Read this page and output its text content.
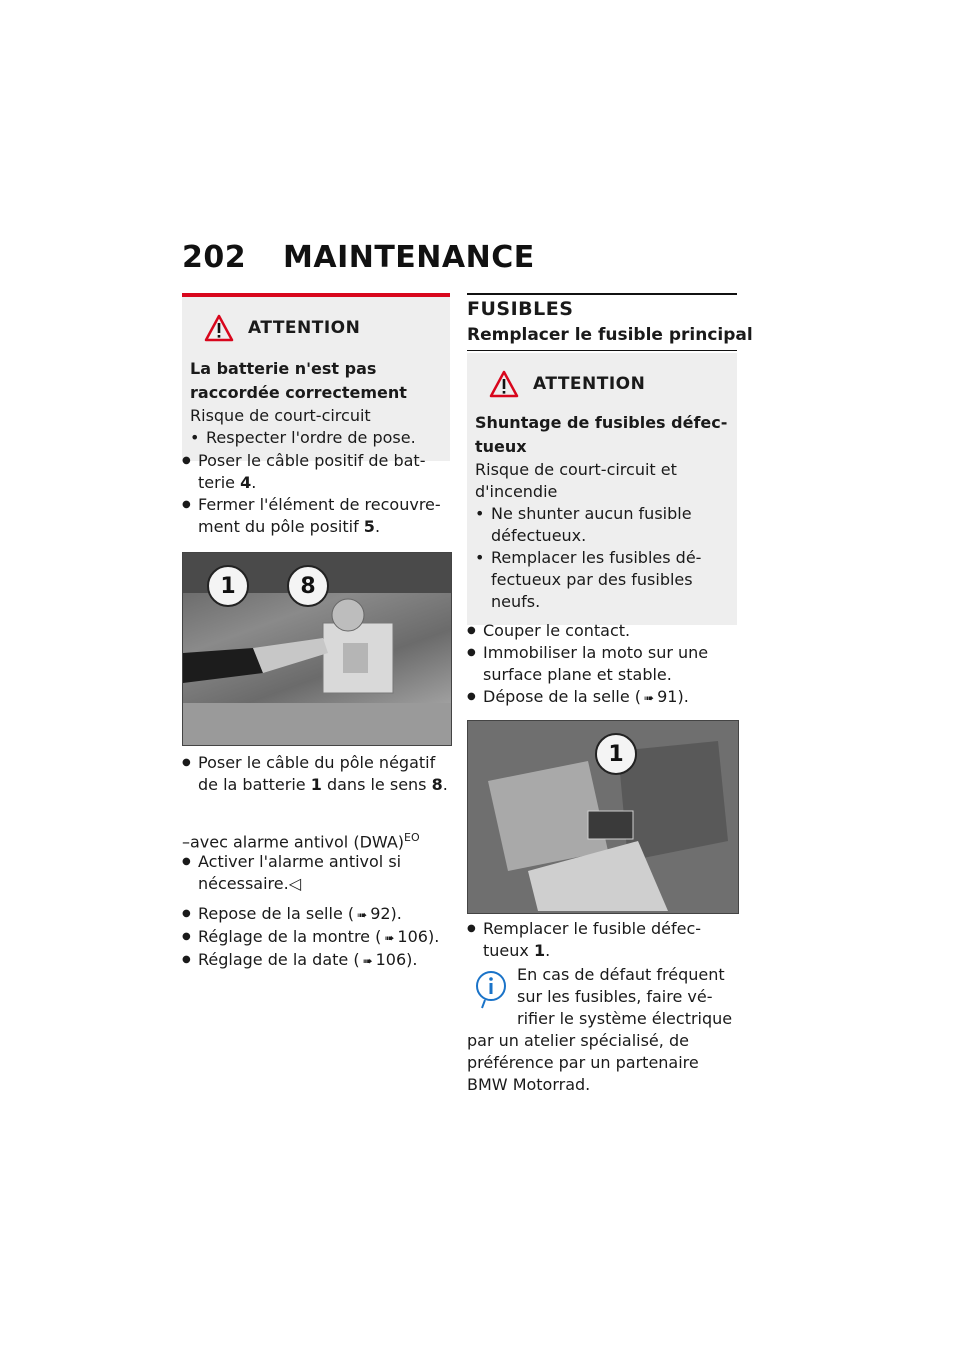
202 MAINTENANCE
ATTENTION
La batterie n'est pas raccordée correctement
Risque de court-circuit
• Respecter l'ordre de pose.
● Poser le câble positif de batterie 4.
● Fermer l'élément de recouvrement du pôle positif 5.
1	8
● Poser le câble du pôle négatif de la batterie 1 dans le sens 8.
–avec alarme antivol (DWA)$^{EO}$
● Activer l'alarme antivol si nécessaire.◁
● Repose de la selle ( ➠ 92).
● Réglage de la montre ( ➠ 106).
● Réglage de la date ( ➠ 106).
FUSIBLES
Remplacer le fusible principal
ATTENTION
Shuntage de fusibles défectueux
Risque de court-circuit et d'incendie
• Ne shunter aucun fusible défectueux.
• Remplacer les fusibles défectueux par des fusibles neufs.
● Couper le contact.
● Immobiliser la moto sur une surface plane et stable.
● Dépose de la selle ( ➠ 91).
1
● Remplacer le fusible défectueux 1.
En cas de défaut fréquent sur les fusibles, faire vérifier le système électrique par un atelier spécialisé, de préférence par un partenaire BMW Motorrad.
